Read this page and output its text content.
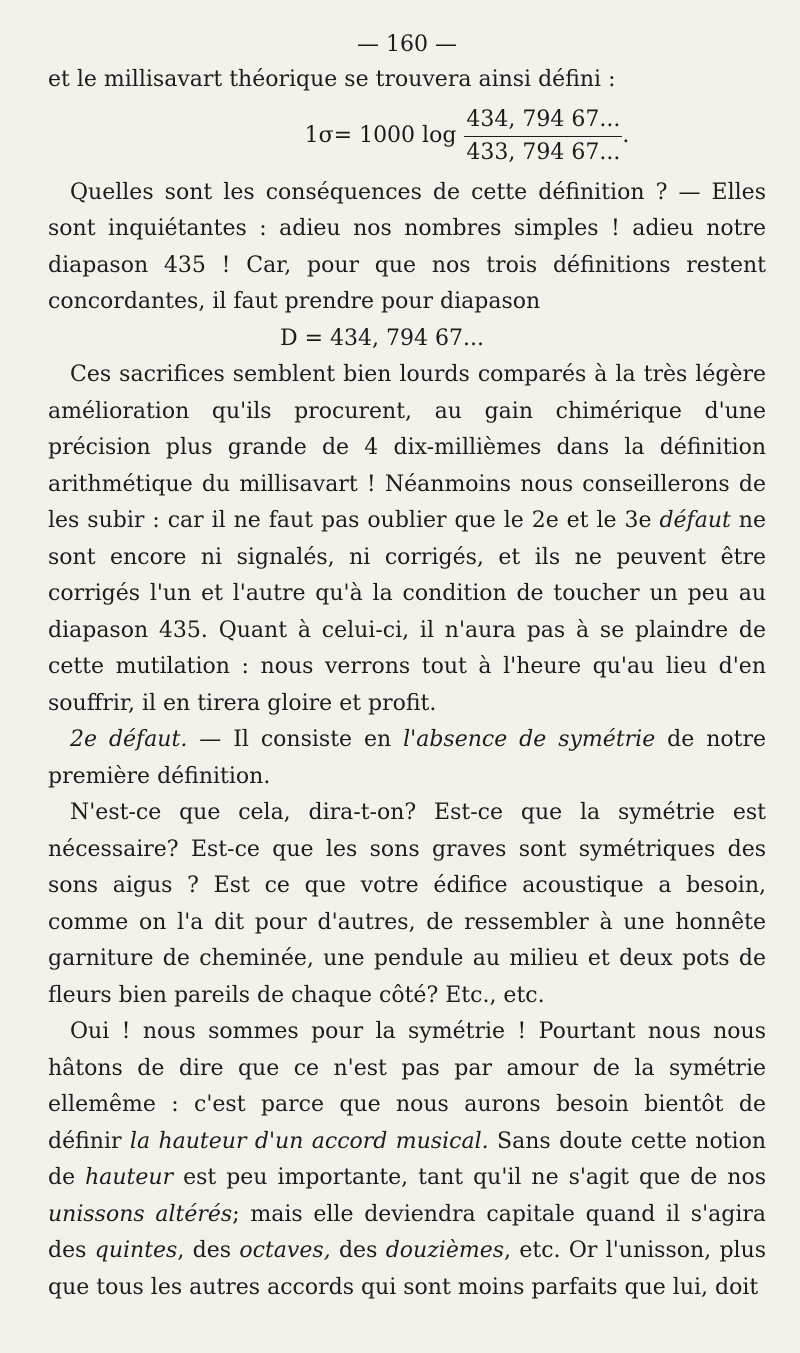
— 160 —

et le millisavart théorique se trouvera ainsi défini :

1σ= 1000 $\log \frac{434, 794 67...}{433, 794 67...}$ .

Quelles sont les conséquences de cette définition ? — Elles sont inquiétantes : adieu nos nombres simples ! adieu notre diapason 435 ! Car, pour que nos trois définitions restent concordantes, il faut prendre pour diapason

D = 434, 794 67...

Ces sacrifices semblent bien lourds comparés à la très légère amélioration qu'ils procurent, au gain chimérique d'une précision plus grande de 4 dix-millièmes dans la définition arithmétique du millisavart ! Néanmoins nous conseillerons de les subir : car il ne faut pas oublier que le 2e et le 3e défaut ne sont encore ni signalés, ni corrigés, et ils ne peuvent être corrigés l'un et l'autre qu'à la condition de toucher un peu au diapason 435. Quant à celui-ci, il n'aura pas à se plaindre de cette mutilation : nous verrons tout à l'heure qu'au lieu d'en souffrir, il en tirera gloire et profit.

2e défaut. — Il consiste en l'absence de symétrie de notre première définition.

N'est-ce que cela, dira-t-on? Est-ce que la symétrie est nécessaire? Est-ce que les sons graves sont symétriques des sons aigus ? Est ce que votre édifice acoustique a besoin, comme on l'a dit pour d'autres, de ressembler à une honnête garniture de cheminée, une pendule au milieu et deux pots de fleurs bien pareils de chaque côté? Etc., etc.

Oui ! nous sommes pour la symétrie ! Pourtant nous nous hâtons de dire que ce n'est pas par amour de la symétrie ellemême : c'est parce que nous aurons besoin bientôt de définir la hauteur d'un accord musical. Sans doute cette notion de hauteur est peu importante, tant qu'il ne s'agit que de nos unissons altérés; mais elle deviendra capitale quand il s'agira des quintes, des octaves, des douzièmes, etc. Or l'unisson, plus que tous les autres accords qui sont moins parfaits que lui, doit
